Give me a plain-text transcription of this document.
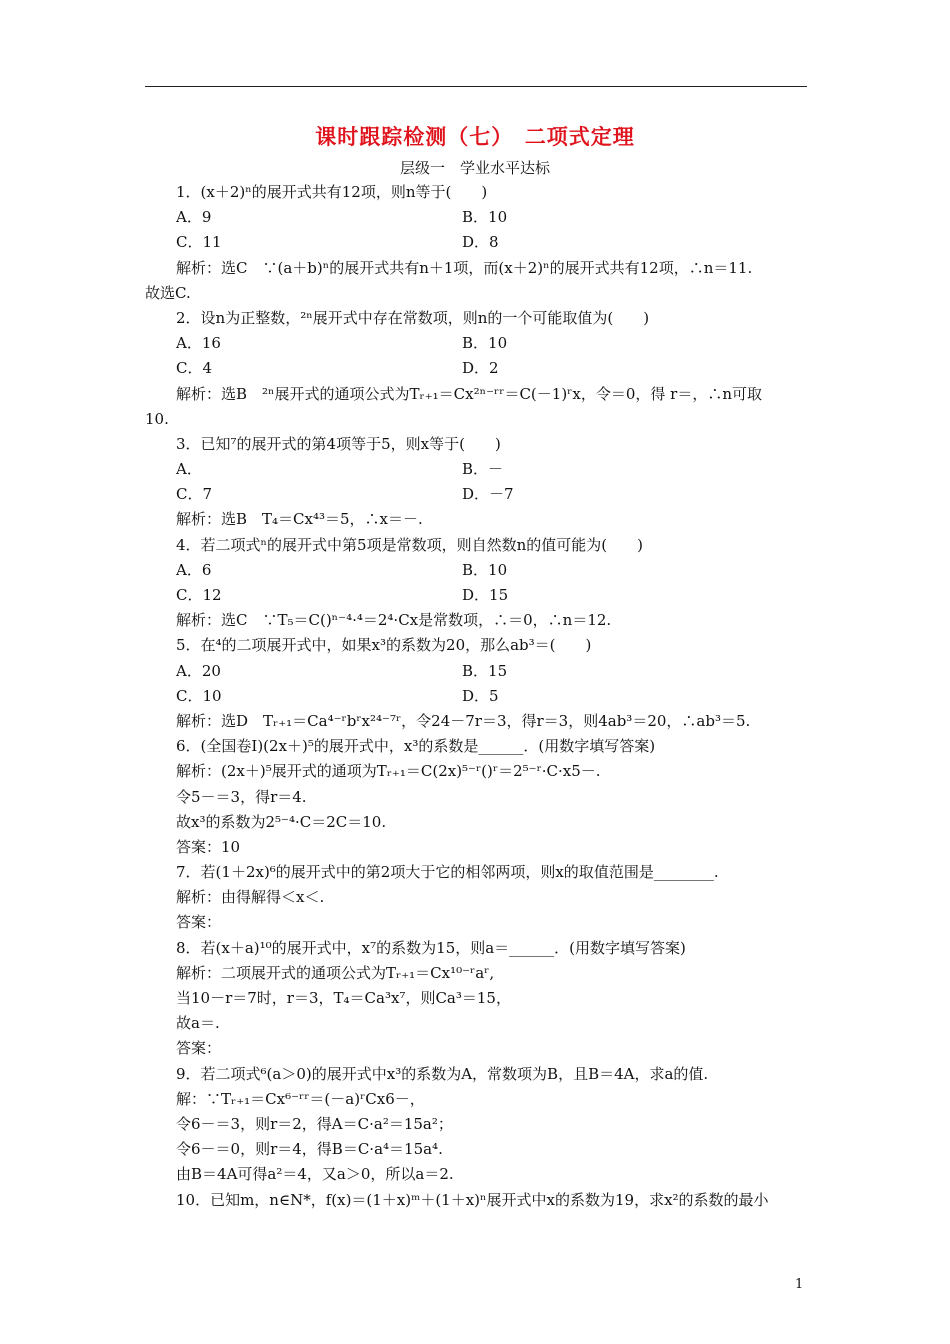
课时跟踪检测（七）　二项式定理
层级一　学业水平达标
1．(x＋2)ⁿ的展开式共有12项，则n等于(　　)
A．9	B．10
C．11	D．8
解析：选C　∵(a＋b)ⁿ的展开式共有n＋1项，而(x＋2)ⁿ的展开式共有12项，∴n＝11.
故选C.
2．设n为正整数，²ⁿ展开式中存在常数项，则n的一个可能取值为(　　)
A．16	B．10
C．4	D．2
解析：选B　²ⁿ展开式的通项公式为Tᵣ₊₁＝Cx²ⁿ⁻ʳʳ＝C(－1)ʳx，令＝0，得 r＝，∴n可取
10.
3．已知⁷的展开式的第4项等于5，则x等于(　　)
A．	B．－
C．7	D．－7
解析：选B　T₄＝Cx⁴³＝5，∴x＝－.
4．若二项式ⁿ的展开式中第5项是常数项，则自然数n的值可能为(　　)
A．6	B．10
C．12	D．15
解析：选C　∵T₅＝C()ⁿ⁻⁴·⁴＝2⁴·Cx是常数项，∴＝0，∴n＝12.
5．在⁴的二项展开式中，如果x³的系数为20，那么ab³＝(　　)
A．20	B．15
C．10	D．5
解析：选D　Tᵣ₊₁＝Ca⁴⁻ʳbʳx²⁴⁻⁷ʳ，令24－7r＝3，得r＝3，则4ab³＝20，∴ab³＝5.
6．(全国卷Ⅰ)(2x＋)⁵的展开式中，x³的系数是______．(用数字填写答案)
解析：(2x＋)⁵展开式的通项为Tᵣ₊₁＝C(2x)⁵⁻ʳ()ʳ＝2⁵⁻ʳ·C·x5－.
令5－＝3，得r＝4.
故x³的系数为2⁵⁻⁴·C＝2C＝10.
答案：10
7．若(1＋2x)⁶的展开式中的第2项大于它的相邻两项，则x的取值范围是________.
解析：由得解得＜x＜.
答案：
8．若(x＋a)¹⁰的展开式中，x⁷的系数为15，则a＝______．(用数字填写答案)
解析：二项展开式的通项公式为Tᵣ₊₁＝Cx¹⁰⁻ʳaʳ,
当10－r＝7时，r＝3，T₄＝Ca³x⁷，则Ca³＝15，
故a＝.
答案：
9．若二项式⁶(a＞0)的展开式中x³的系数为A，常数项为B，且B＝4A，求a的值.
解：∵Tᵣ₊₁＝Cx⁶⁻ʳʳ＝(－a)ʳCx6－，
令6－＝3，则r＝2，得A＝C·a²＝15a²；
令6－＝0，则r＝4，得B＝C·a⁴＝15a⁴.
由B＝4A可得a²＝4，又a＞0，所以a＝2.
10．已知m，n∈N*，f(x)＝(1＋x)ᵐ＋(1＋x)ⁿ展开式中x的系数为19，求x²的系数的最小
1
